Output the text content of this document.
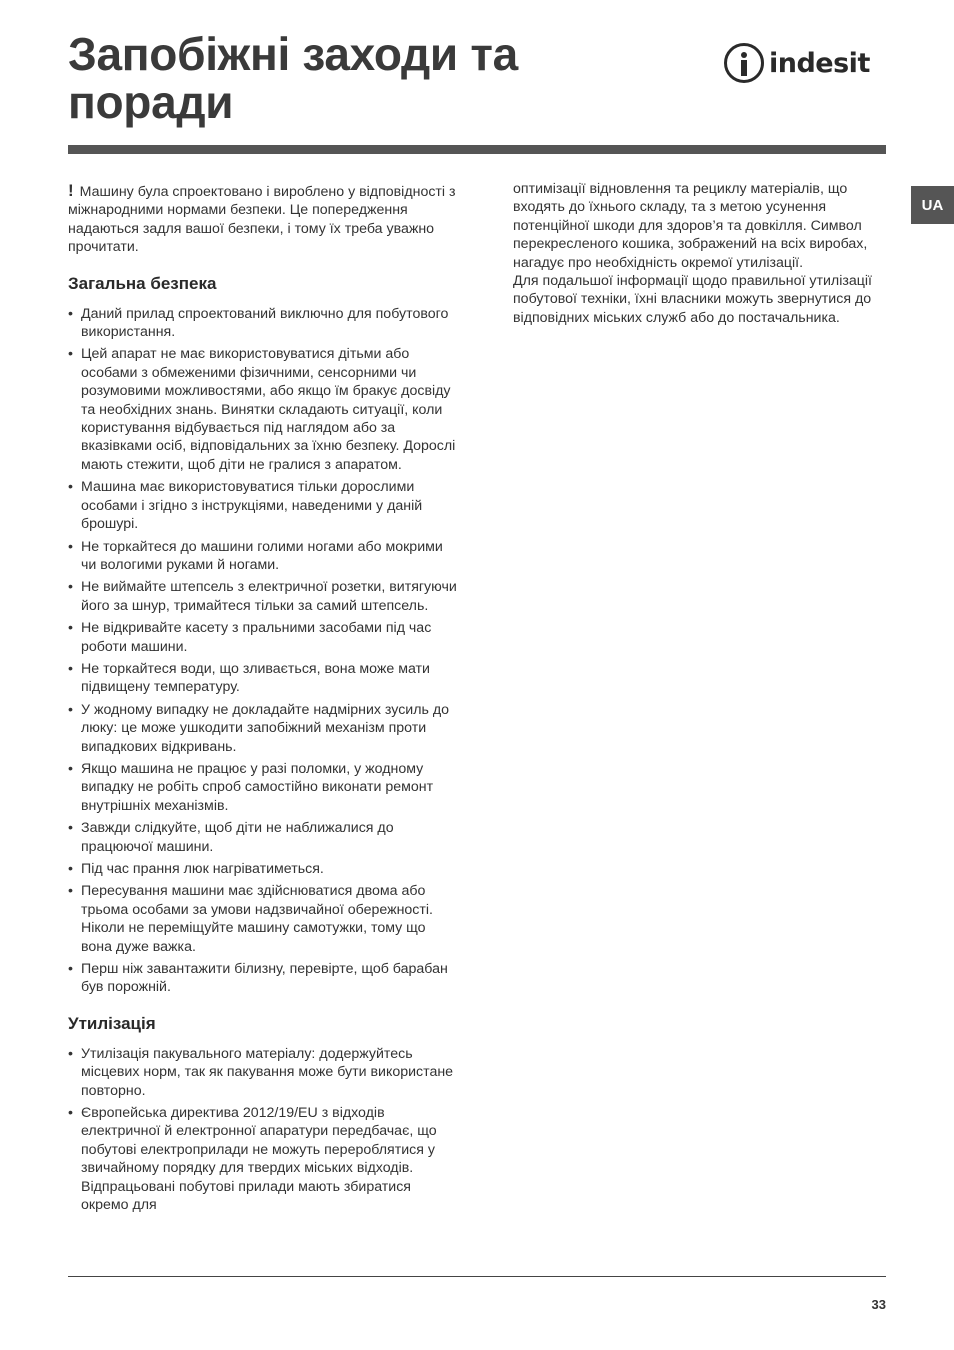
Запобіжні заходи та поради
indesit
UA

! Машину була спроектовано і вироблено у відповідності з міжнародними нормами безпеки. Це попередження надаються задля вашої безпеки, і тому їх треба уважно прочитати.

Загальна безпека
• Даний прилад спроектований виключно для побутового використання.
• Цей апарат не має використовуватися дітьми або особами з обмеженими фізичними, сенсорними чи розумовими можливостями, або якщо їм бракує досвіду та необхідних знань. Винятки складають ситуації, коли користування відбувається під наглядом або за вказівками осіб, відповідальних за їхню безпеку. Дорослі мають стежити, щоб діти не гралися з апаратом.
• Машина має використовуватися тільки дорослими особами і згідно з інструкціями, наведеними у даній брошурі.
• Не торкайтеся до машини голими ногами або мокрими чи вологими руками й ногами.
• Не виймайте штепсель з електричної розетки, витягуючи його за шнур, тримайтеся тільки за самий штепсель.
• Не відкривайте касету з пральними засобами під час роботи машини.
• Не торкайтеся води, що зливається, вона може мати підвищену температуру.
• У жодному випадку не докладайте надмірних зусиль до люку: це може ушкодити запобіжний механізм проти випадкових відкривань.
• Якщо машина не працює у разі поломки, у жодному випадку не робіть спроб самостійно виконати ремонт внутрішніх механізмів.
• Завжди слідкуйте, щоб діти не наближалися до працюючої машини.
• Під час прання люк нагріватиметься.
• Пересування машини має здійснюватися двома або трьома особами за умови надзвичайної обережності. Ніколи не переміщуйте машину самотужки, тому що вона дуже важка.
• Перш ніж завантажити білизну, перевірте, щоб барабан був порожній.
Утилізація
• Утилізація пакувального матеріалу: додержуйтесь місцевих норм, так як пакування може бути використане повторно.
• Європейська директива 2012/19/EU з відходів електричної й електронної апаратури передбачає, що побутові електроприлади не можуть перероблятися у звичайному порядку для твердих міських відходів. Відпрацьовані побутові прилади мають збиратися окремо для

оптимізації відновлення та рециклу матеріалів, що входять до їхнього складу, та з метою усунення потенційної шкоди для здоров’я та довкілля. Символ перекресленого кошика, зображений на всіх виробах, нагадує про необхідність окремої утилізації.

Для подальшої інформації щодо правильної утилізації побутової техніки, їхні власники можуть звернутися до відповідних міських служб або до постачальника.

33
